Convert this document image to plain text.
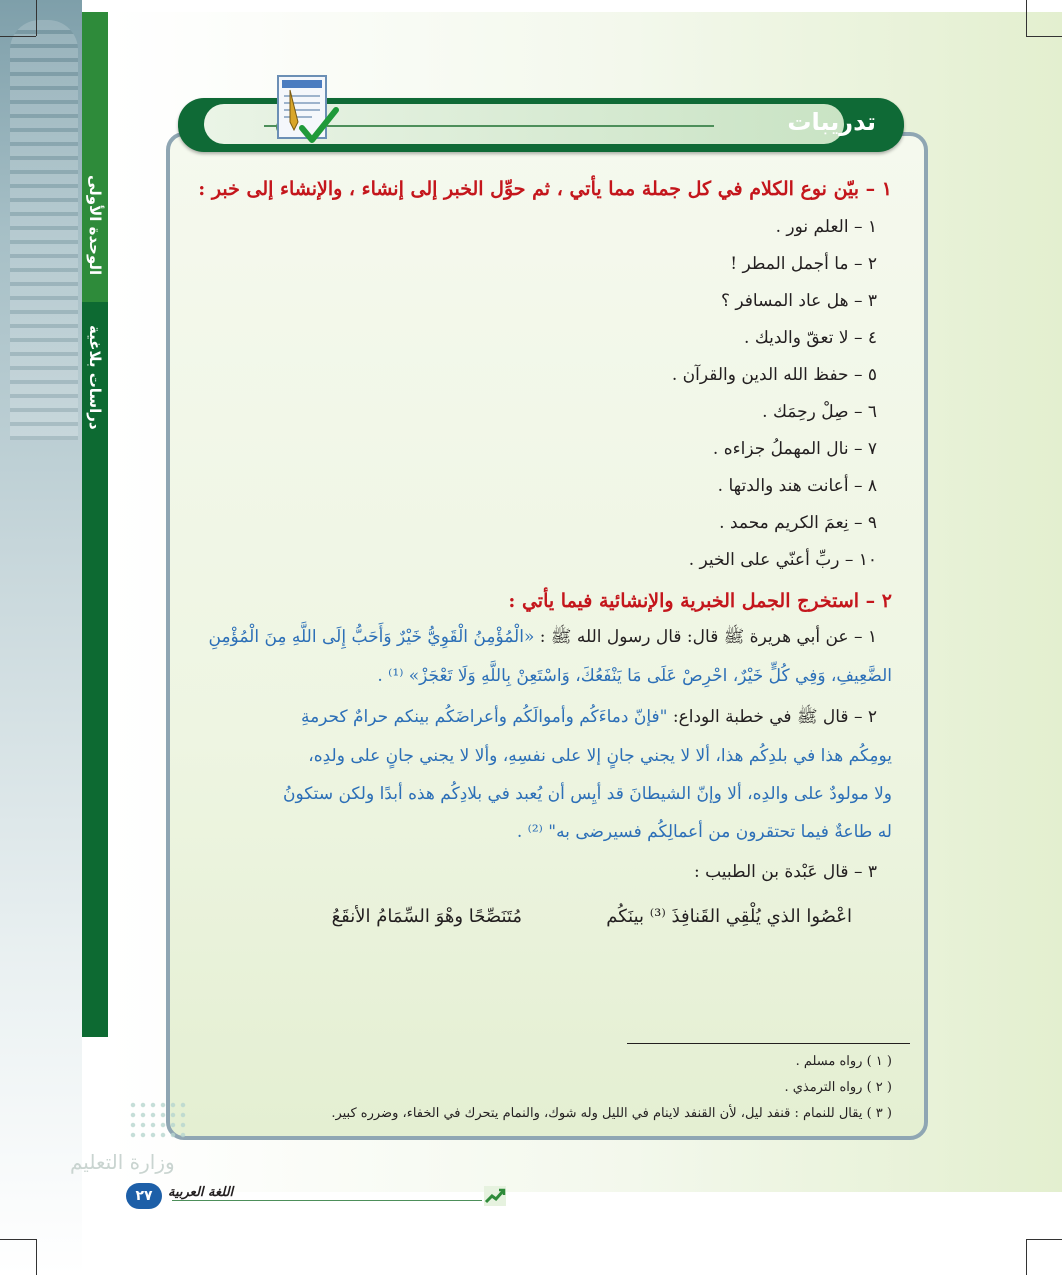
الوحدة الأولى
دراسات بلاغية
تدريبات
١ – بيّن نوع الكلام في كل جملة مما يأتي ، ثم حوِّل الخبر إلى إنشاء ، والإنشاء إلى خبر :
١ – العلم نور .
٢ – ما أجمل المطر !
٣ – هل عاد المسافر ؟
٤ – لا تعقّ والديك .
٥ – حفظ الله الدين والقرآن .
٦ – صِلْ رحِمَك .
٧ – نال المهملُ جزاءه .
٨ – أعانت هند والدتها .
٩ – نِعمَ الكريم محمد .
١٠ – ربِّ أعنّي على الخير .
٢ – استخرج الجمل الخبرية والإنشائية فيما يأتي :
١ – عن أبي هريرة ﷺ قال: قال رسول الله ﷺ : «الْمُؤْمِنُ الْقَوِيُّ خَيْرٌ وَأَحَبُّ إِلَى اللَّهِ مِنَ الْمُؤْمِنِ
الضَّعِيفِ، وَفِي كُلٍّ خَيْرٌ، احْرِصْ عَلَى مَا يَنْفَعُكَ، وَاسْتَعِنْ بِاللَّهِ وَلَا تَعْجَزْ» ⁽¹⁾ .
٢ – قال ﷺ في خطبة الوداع: "فإنّ دماءَكُم وأموالَكُم وأعراضَكُم بينكم حرامٌ كحرمةِ
يومِكُم هذا في بلدِكُم هذا، ألا لا يجني جانٍ إلا على نفسِهِ، وألا لا يجني جانٍ على ولدِه،
ولا مولودٌ على والدِه، ألا وإنّ الشيطانَ قد أيِس أن يُعبد في بلادِكُم هذه أبدًا ولكن ستكونُ
له طاعةٌ فيما تحتقرون من أعمالِكُم فسيرضى به" ⁽²⁾ .
٣ – قال عَبْدة بن الطبيب :
اعْصُوا الذي يُلْقِي القَنافِذَ ⁽³⁾ بينَكُم
مُتَنَصِّحًا وهْوَ السِّمَامُ الأنقَعُ
( ١ ) رواه مسلم .
( ٢ ) رواه الترمذي .
( ٣ ) يقال للنمام : قنفد ليل، لأن القنفد لاينام في الليل وله شوك، والنمام يتحرك في الخفاء، وضرره كبير.
وزارة التعليم
٢٧	اللغة العربية
